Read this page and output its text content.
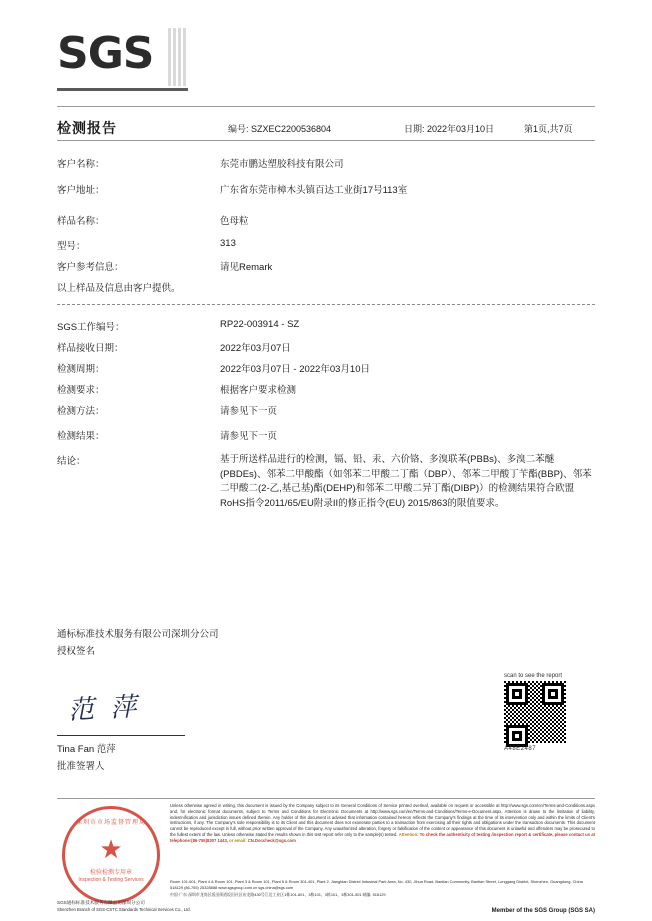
SGS
检测报告	编号: SZXEC2200536804	日期: 2022年03月10日	第1页,共7页
客户名称：	东莞市鹏达塑胶科技有限公司
客户地址：	广东省东莞市樟木头镇百达工业街17号113室
样品名称：	色母粒
型号：	313
客户参考信息：	请见Remark
以上样品及信息由客户提供。
SGS工作编号：	RP22-003914 - SZ
样品接收日期：	2022年03月07日
检测周期：	2022年03月07日 - 2022年03月10日
检测要求：	根据客户要求检测
检测方法：	请参见下一页
检测结果：	请参见下一页
结论：	基于所送样品进行的检测，镉、铅、汞、六价铬、多溴联苯(PBBs)、多溴二苯醚(PBDEs)、邻苯二甲酸酯（如邻苯二甲酸二丁酯（DBP）、邻苯二甲酸丁苄酯(BBP)、邻苯二甲酸二(2-乙,基己基)酯(DEHP)和邻苯二甲酸二异丁酯(DIBP)）的检测结果符合欧盟RoHS指令2011/65/EU附录II的修正指令(EU) 2015/863的限值要求。
通标标准技术服务有限公司深圳分公司
授权签名
范 萍
Tina Fan 范萍
批准签署人
scan to see the report
A48E2487
Unless otherwise agreed in writing, this document is issued by the Company subject to its General Conditions of Service printed overleaf, available on request or accessible at http://www.sgs.com/en/Terms-and-Conditions.aspx and, for electronic format documents, subject to Terms and Conditions for Electronic Documents at http://www.sgs.com/en/Terms-and-Conditions/Terms-e-Document.aspx. Attention is drawn to the limitation of liability, indemnification and jurisdiction issues defined therein. Any holder of this document is advised that information contained hereon reflects the Company's findings at the time of its intervention only and within the limits of Client's instructions, if any. The Company's sole responsibility is to its Client and this document does not exonerate parties to a transaction from exercising all their rights and obligations under the transaction documents. This document cannot be reproduced except in full, without prior written approval of the Company. Any unauthorized alteration, forgery or falsification of the content or appearance of this document is unlawful and offenders may be prosecuted to the fullest extent of the law. Unless otherwise stated the results shown in this test report refer only to the sample(s) tested. Attention: To check the authenticity of testing /inspection report & certificate, please contact us at telephone:(86-755)8307 1443, or email: CN.Doccheck@sgs.com
Room 101-601, Plant 4 & Room 101, Plant 3 & Room 101, Plant 5 & Room 301-401, Plant 2, Jiangbian District Industrial Park Area, No. 430, Jihua Road, Bantian Community, Bantian Street, Longgang District, Shenzhen, Guangdong, China 518129 (86-755) 25328888 www.sgsgroup.com.cn sgs.china@sgs.com
中国·广东·深圳市龙岗区坂田街道坂田社区布龙路430号江边工业区1栋101-601、3栋101、3栋101、3栋301-501 邮编: 518129
深圳市市场监督管理局
★
检验检测专用章
Inspection & Testing Services
SGS通标标准技术服务有限公司深圳分公司
Shenzhen Branch of SGS-CSTC Standards Technical Services Co., Ltd.	Member of the SGS Group (SGS SA)
